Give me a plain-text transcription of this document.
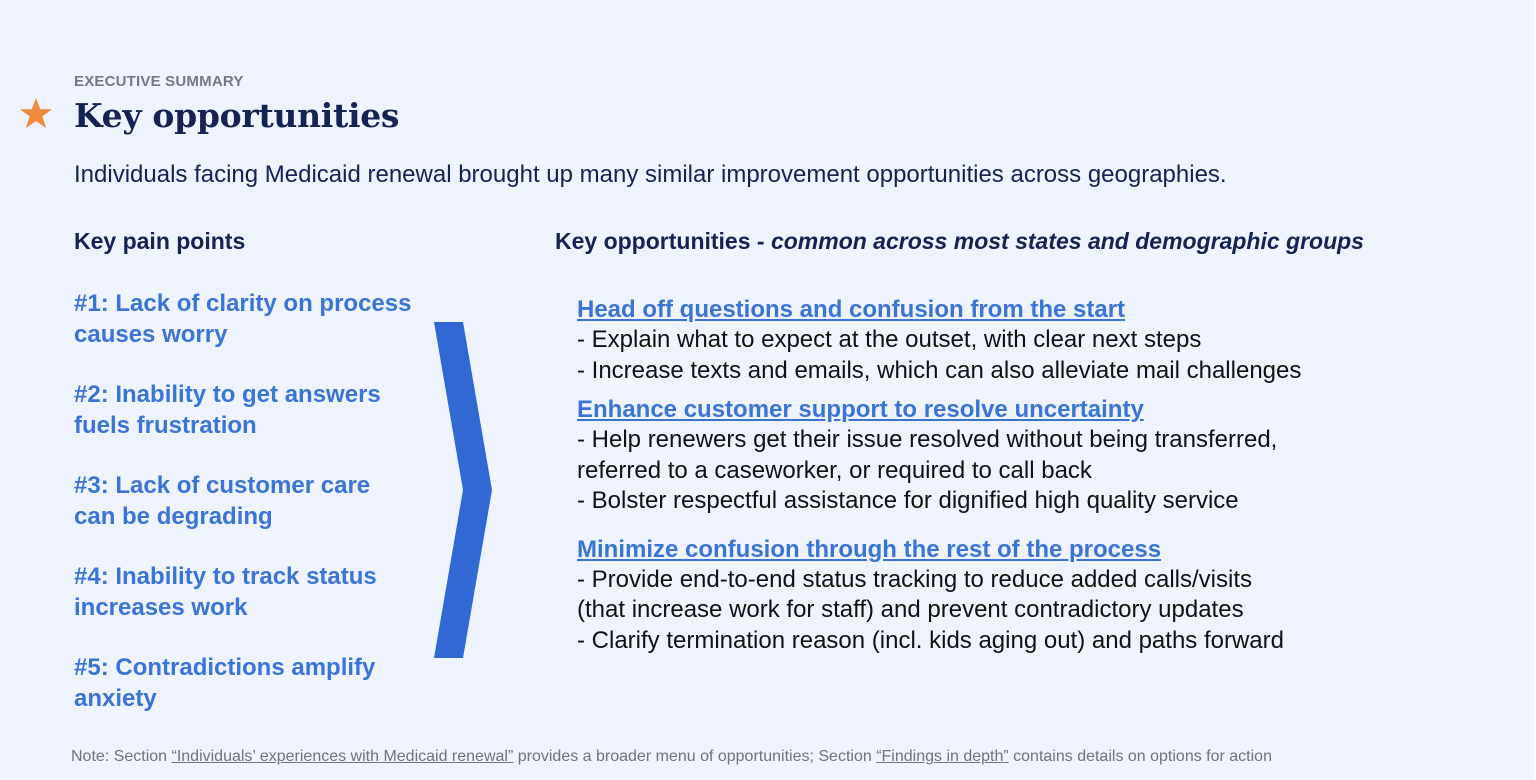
EXECUTIVE SUMMARY
Key opportunities
Individuals facing Medicaid renewal brought up many similar improvement opportunities across geographies.
Key pain points	Key opportunities - common across most states and demographic groups
#1: Lack of clarity on process causes worry
#2: Inability to get answers fuels frustration
#3: Lack of customer care can be degrading
#4: Inability to track status increases work
#5: Contradictions amplify anxiety
Head off questions and confusion from the start
- Explain what to expect at the outset, with clear next steps
- Increase texts and emails, which can also alleviate mail challenges
Enhance customer support to resolve uncertainty
- Help renewers get their issue resolved without being transferred,
referred to a caseworker, or required to call back
- Bolster respectful assistance for dignified high quality service
Minimize confusion through the rest of the process
- Provide end-to-end status tracking to reduce added calls/visits
(that increase work for staff) and prevent contradictory updates
- Clarify termination reason (incl. kids aging out) and paths forward
Note: Section “Individuals’ experiences with Medicaid renewal” provides a broader menu of opportunities; Section “Findings in depth” contains details on options for action
